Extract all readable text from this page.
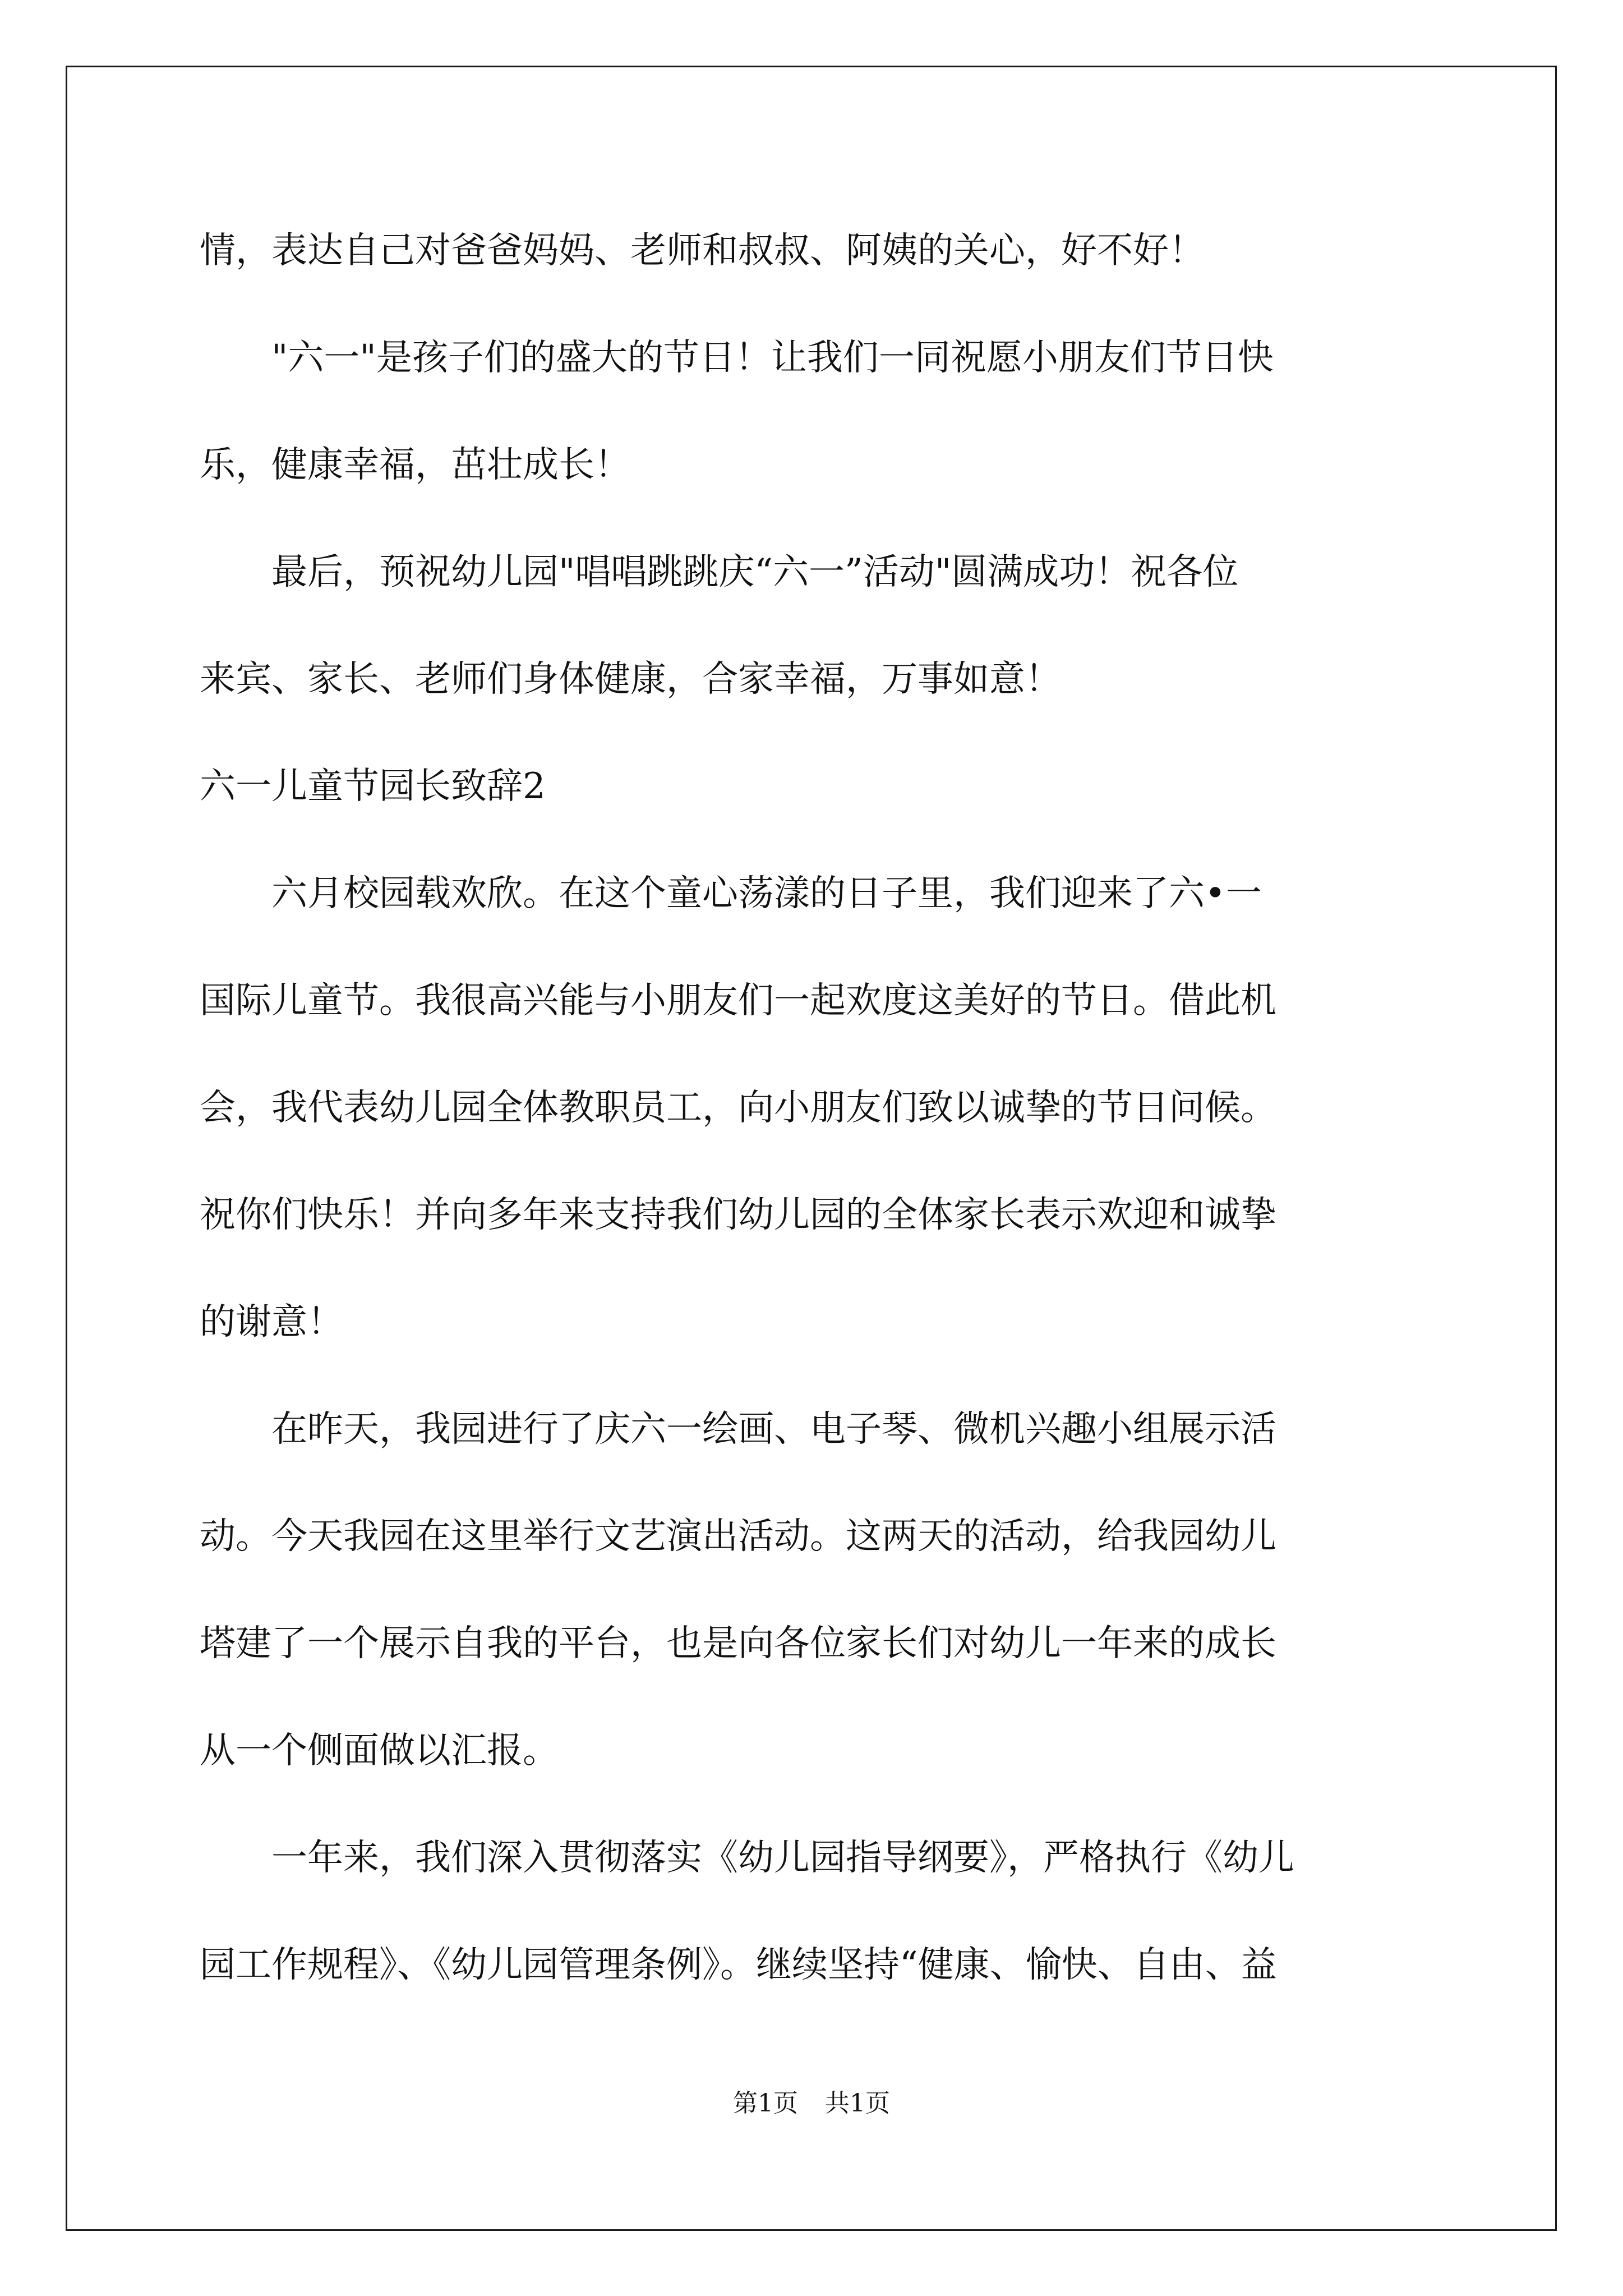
情，表达自己对爸爸妈妈、老师和叔叔、阿姨的关心，好不好！

　　"六一"是孩子们的盛大的节日！让我们一同祝愿小朋友们节日快

乐，健康幸福，茁壮成长！

　　最后，预祝幼儿园"唱唱跳跳庆“六一”活动"圆满成功！祝各位

来宾、家长、老师们身体健康，合家幸福，万事如意！

六一儿童节园长致辞2

　　六月校园载欢欣。在这个童心荡漾的日子里，我们迎来了六•一

国际儿童节。我很高兴能与小朋友们一起欢度这美好的节日。借此机

会，我代表幼儿园全体教职员工，向小朋友们致以诚挚的节日问候。

祝你们快乐！并向多年来支持我们幼儿园的全体家长表示欢迎和诚挚

的谢意！

　　在昨天，我园进行了庆六一绘画、电子琴、微机兴趣小组展示活

动。今天我园在这里举行文艺演出活动。这两天的活动，给我园幼儿

塔建了一个展示自我的平台，也是向各位家长们对幼儿一年来的成长

从一个侧面做以汇报。

　　一年来，我们深入贯彻落实《幼儿园指导纲要》，严格执行《幼儿

园工作规程》、《幼儿园管理条例》。继续坚持“健康、愉快、自由、益

第1页 共1页
